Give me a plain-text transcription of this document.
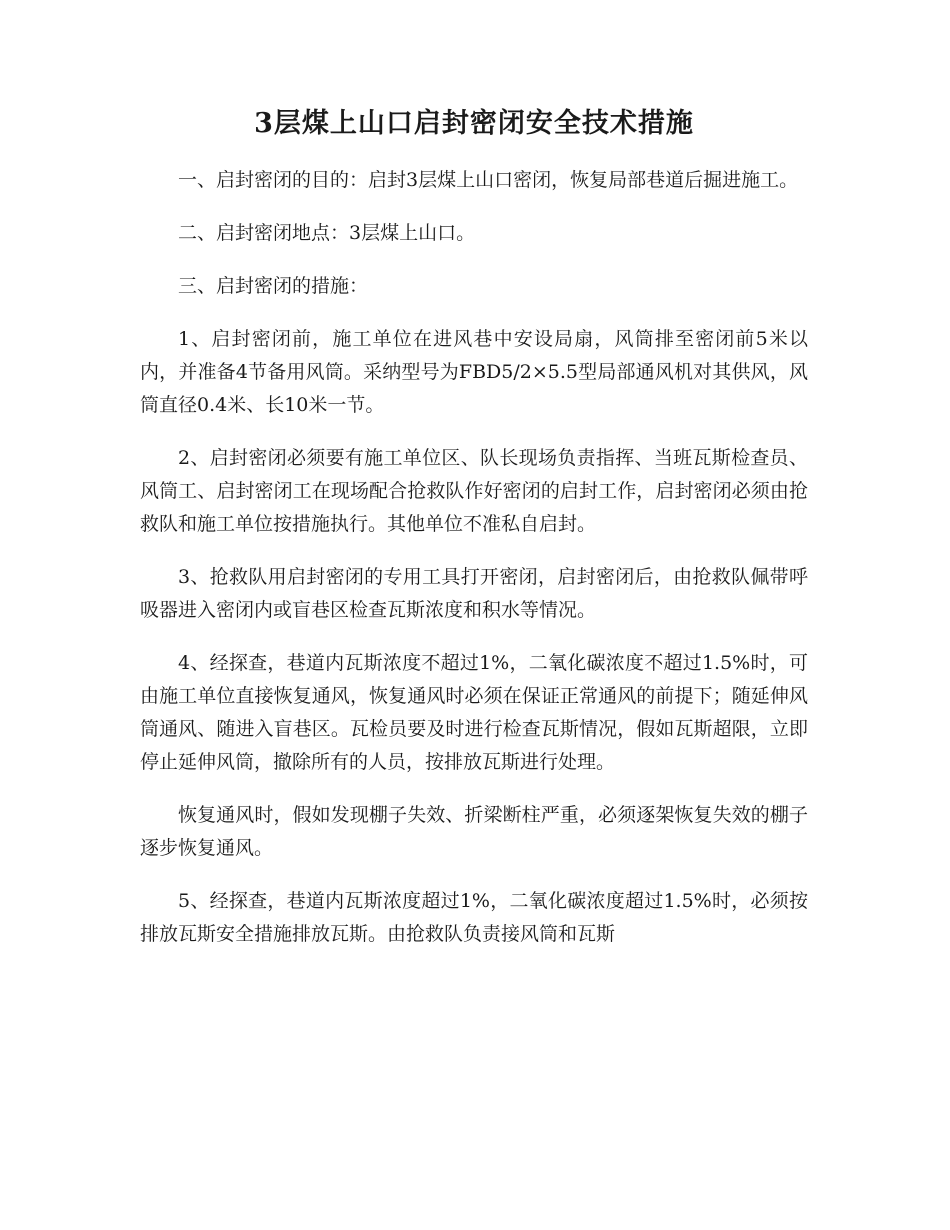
3层煤上山口启封密闭安全技术措施

一、启封密闭的目的：启封3层煤上山口密闭，恢复局部巷道后掘进施工。

二、启封密闭地点：3层煤上山口。

三、启封密闭的措施：

1、启封密闭前，施工单位在进风巷中安设局扇，风筒排至密闭前5米以内，并准备4节备用风筒。采纳型号为FBD5/2×5.5型局部通风机对其供风，风筒直径0.4米、长10米一节。

2、启封密闭必须要有施工单位区、队长现场负责指挥、当班瓦斯检查员、风筒工、启封密闭工在现场配合抢救队作好密闭的启封工作，启封密闭必须由抢救队和施工单位按措施执行。其他单位不准私自启封。

3、抢救队用启封密闭的专用工具打开密闭，启封密闭后，由抢救队佩带呼吸器进入密闭内或盲巷区检查瓦斯浓度和积水等情况。

4、经探查，巷道内瓦斯浓度不超过1%，二氧化碳浓度不超过1.5%时，可由施工单位直接恢复通风，恢复通风时必须在保证正常通风的前提下；随延伸风筒通风、随进入盲巷区。瓦检员要及时进行检查瓦斯情况，假如瓦斯超限，立即停止延伸风筒，撤除所有的人员，按排放瓦斯进行处理。

恢复通风时，假如发现棚子失效、折梁断柱严重，必须逐架恢复失效的棚子逐步恢复通风。

5、经探查，巷道内瓦斯浓度超过1%，二氧化碳浓度超过1.5%时，必须按排放瓦斯安全措施排放瓦斯。由抢救队负责接风筒和瓦斯
